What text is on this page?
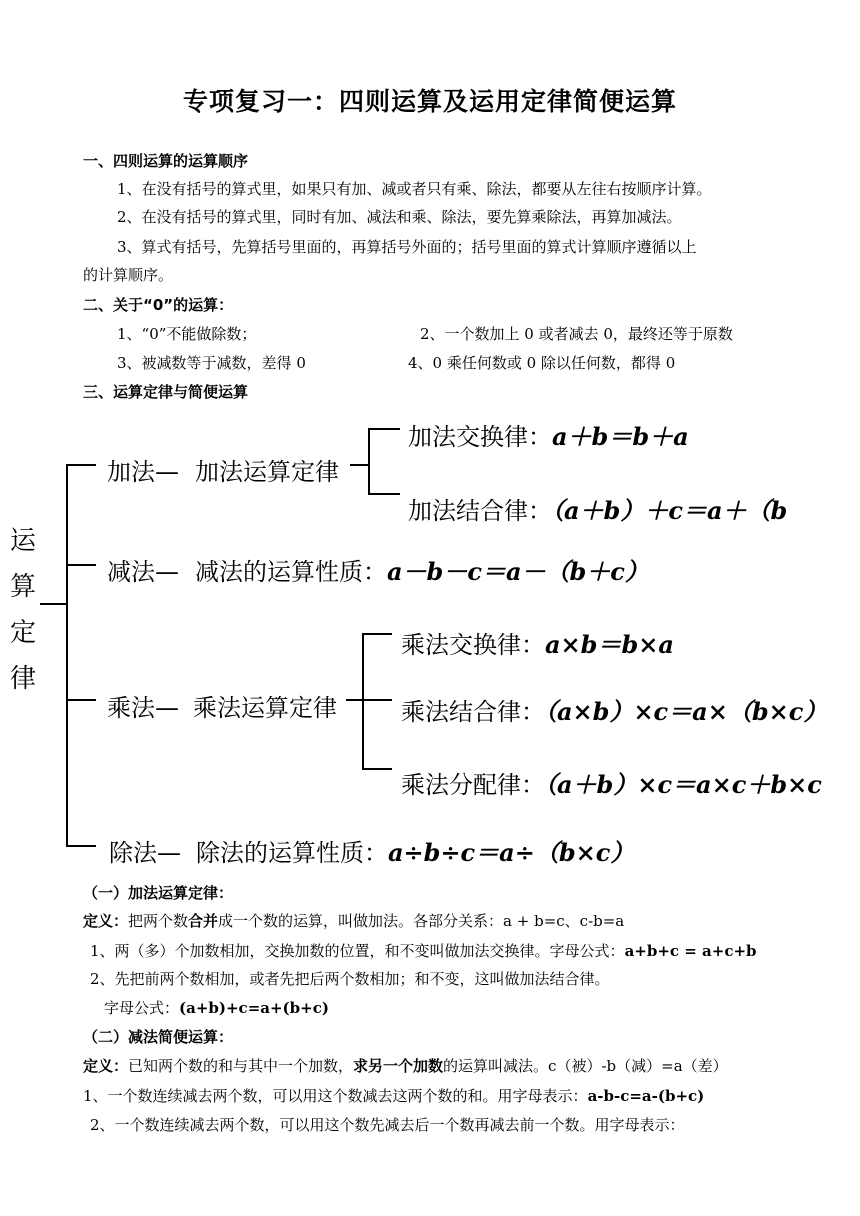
专项复习一：四则运算及运用定律简便运算
一、四则运算的运算顺序
1、在没有括号的算式里，如果只有加、减或者只有乘、除法，都要从左往右按顺序计算。
2、在没有括号的算式里，同时有加、减法和乘、除法，要先算乘除法，再算加减法。
3、算式有括号，先算括号里面的，再算括号外面的；括号里面的算式计算顺序遵循以上
的计算顺序。
二、关于“0”的运算：
1、“0”不能做除数；	2、一个数加上 0 或者减去 0，最终还等于原数
3、被减数等于减数，差得 0	4、0 乘任何数或 0 除以任何数，都得 0
三、运算定律与简便运算
运
算
定
律
加法— 加法运算定律
加法交换律：a＋b＝b＋a
加法结合律：（a＋b）＋c＝a＋（b
减法— 减法的运算性质：a－b－c＝a－（b＋c）
乘法— 乘法运算定律
乘法交换律：a×b＝b×a
乘法结合律：（a×b）×c＝a×（b×c）
乘法分配律：（a＋b）×c＝a×c＋b×c
除法— 除法的运算性质：a÷b÷c＝a÷（b×c）
（一）加法运算定律：
定义：把两个数合并成一个数的运算，叫做加法。各部分关系：a + b=c、c-b=a
1、两（多）个加数相加，交换加数的位置，和不变叫做加法交换律。字母公式：a+b+c = a+c+b
2、先把前两个数相加，或者先把后两个数相加；和不变，这叫做加法结合律。
字母公式：(a+b)+c=a+(b+c)
（二）减法简便运算：
定义：已知两个数的和与其中一个加数，求另一个加数的运算叫减法。c（被）-b（减）=a（差）
1、一个数连续减去两个数，可以用这个数减去这两个数的和。用字母表示：a-b-c=a-(b+c)
2、一个数连续减去两个数，可以用这个数先减去后一个数再减去前一个数。用字母表示：
